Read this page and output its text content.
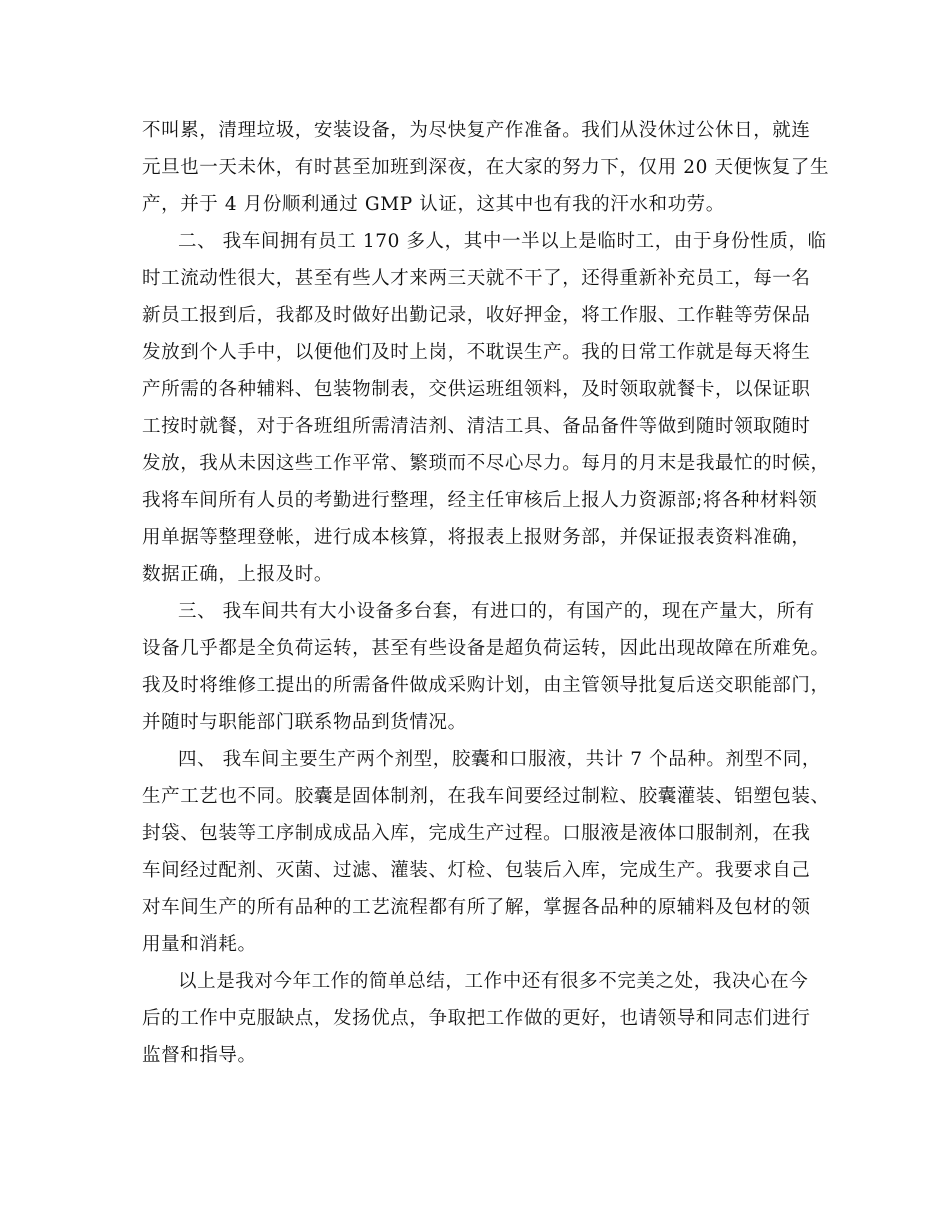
不叫累，清理垃圾，安装设备，为尽快复产作准备。我们从没休过公休日，就连
元旦也一天未休，有时甚至加班到深夜，在大家的努力下，仅用 20 天便恢复了生
产，并于 4 月份顺利通过 GMP 认证，这其中也有我的汗水和功劳。
二、 我车间拥有员工 170 多人，其中一半以上是临时工，由于身份性质，临
时工流动性很大，甚至有些人才来两三天就不干了，还得重新补充员工，每一名
新员工报到后，我都及时做好出勤记录，收好押金，将工作服、工作鞋等劳保品
发放到个人手中，以便他们及时上岗，不耽误生产。我的日常工作就是每天将生
产所需的各种辅料、包装物制表，交供运班组领料，及时领取就餐卡，以保证职
工按时就餐，对于各班组所需清洁剂、清洁工具、备品备件等做到随时领取随时
发放，我从未因这些工作平常、繁琐而不尽心尽力。每月的月末是我最忙的时候，
我将车间所有人员的考勤进行整理，经主任审核后上报人力资源部;将各种材料领
用单据等整理登帐，进行成本核算，将报表上报财务部，并保证报表资料准确，
数据正确，上报及时。
三、 我车间共有大小设备多台套，有进口的，有国产的，现在产量大，所有
设备几乎都是全负荷运转，甚至有些设备是超负荷运转，因此出现故障在所难免。
我及时将维修工提出的所需备件做成采购计划，由主管领导批复后送交职能部门，
并随时与职能部门联系物品到货情况。
四、 我车间主要生产两个剂型，胶囊和口服液，共计 7 个品种。剂型不同，
生产工艺也不同。胶囊是固体制剂，在我车间要经过制粒、胶囊灌装、铝塑包装、
封袋、包装等工序制成成品入库，完成生产过程。口服液是液体口服制剂，在我
车间经过配剂、灭菌、过滤、灌装、灯检、包装后入库，完成生产。我要求自己
对车间生产的所有品种的工艺流程都有所了解，掌握各品种的原辅料及包材的领
用量和消耗。
以上是我对今年工作的简单总结，工作中还有很多不完美之处，我决心在今
后的工作中克服缺点，发扬优点，争取把工作做的更好，也请领导和同志们进行
监督和指导。
